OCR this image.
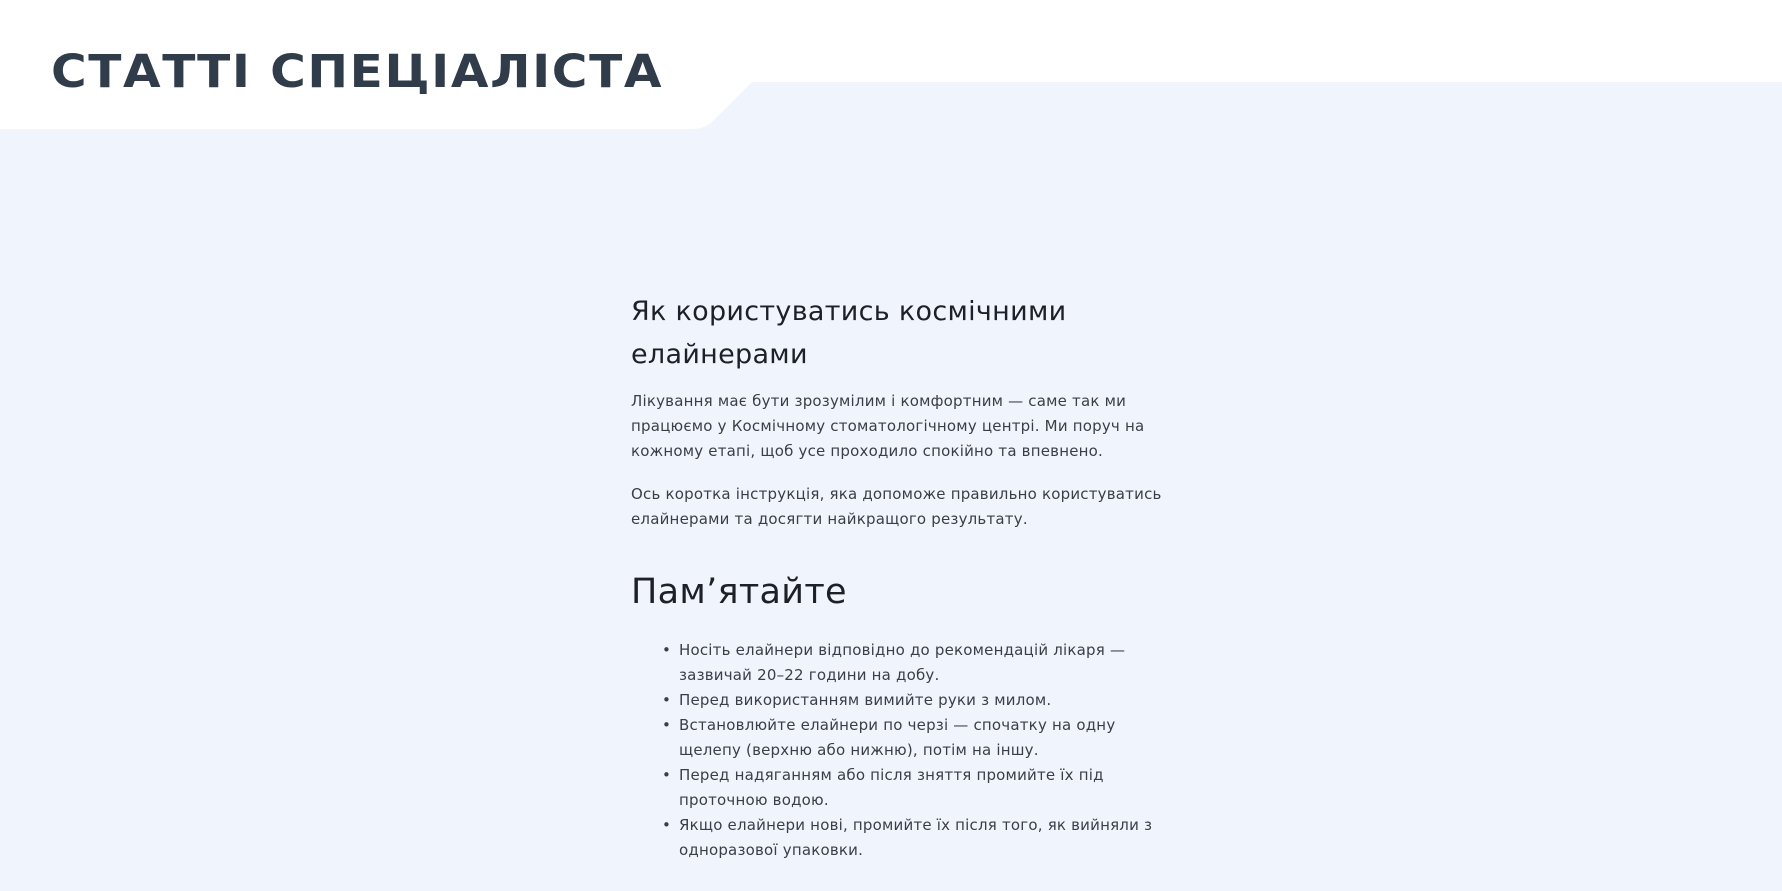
СТАТТІ СПЕЦІАЛІСТА
Як користуватись космічними елайнерами

Лікування має бути зрозумілим і комфортним — саме так ми працюємо у Космічному стоматологічному центрі. Ми поруч на кожному етапі, щоб усе проходило спокійно та впевнено.

Ось коротка інструкція, яка допоможе правильно користуватись елайнерами та досягти найкращого результату.

Пам’ятайте
• Носіть елайнери відповідно до рекомендацій лікаря — зазвичай 20–22 години на добу.
• Перед використанням вимийте руки з милом.
• Встановлюйте елайнери по черзі — спочатку на одну щелепу (верхню або нижню), потім на іншу.
• Перед надяганням або після зняття промийте їх під проточною водою.
• Якщо елайнери нові, промийте їх після того, як вийняли з одноразової упаковки.
